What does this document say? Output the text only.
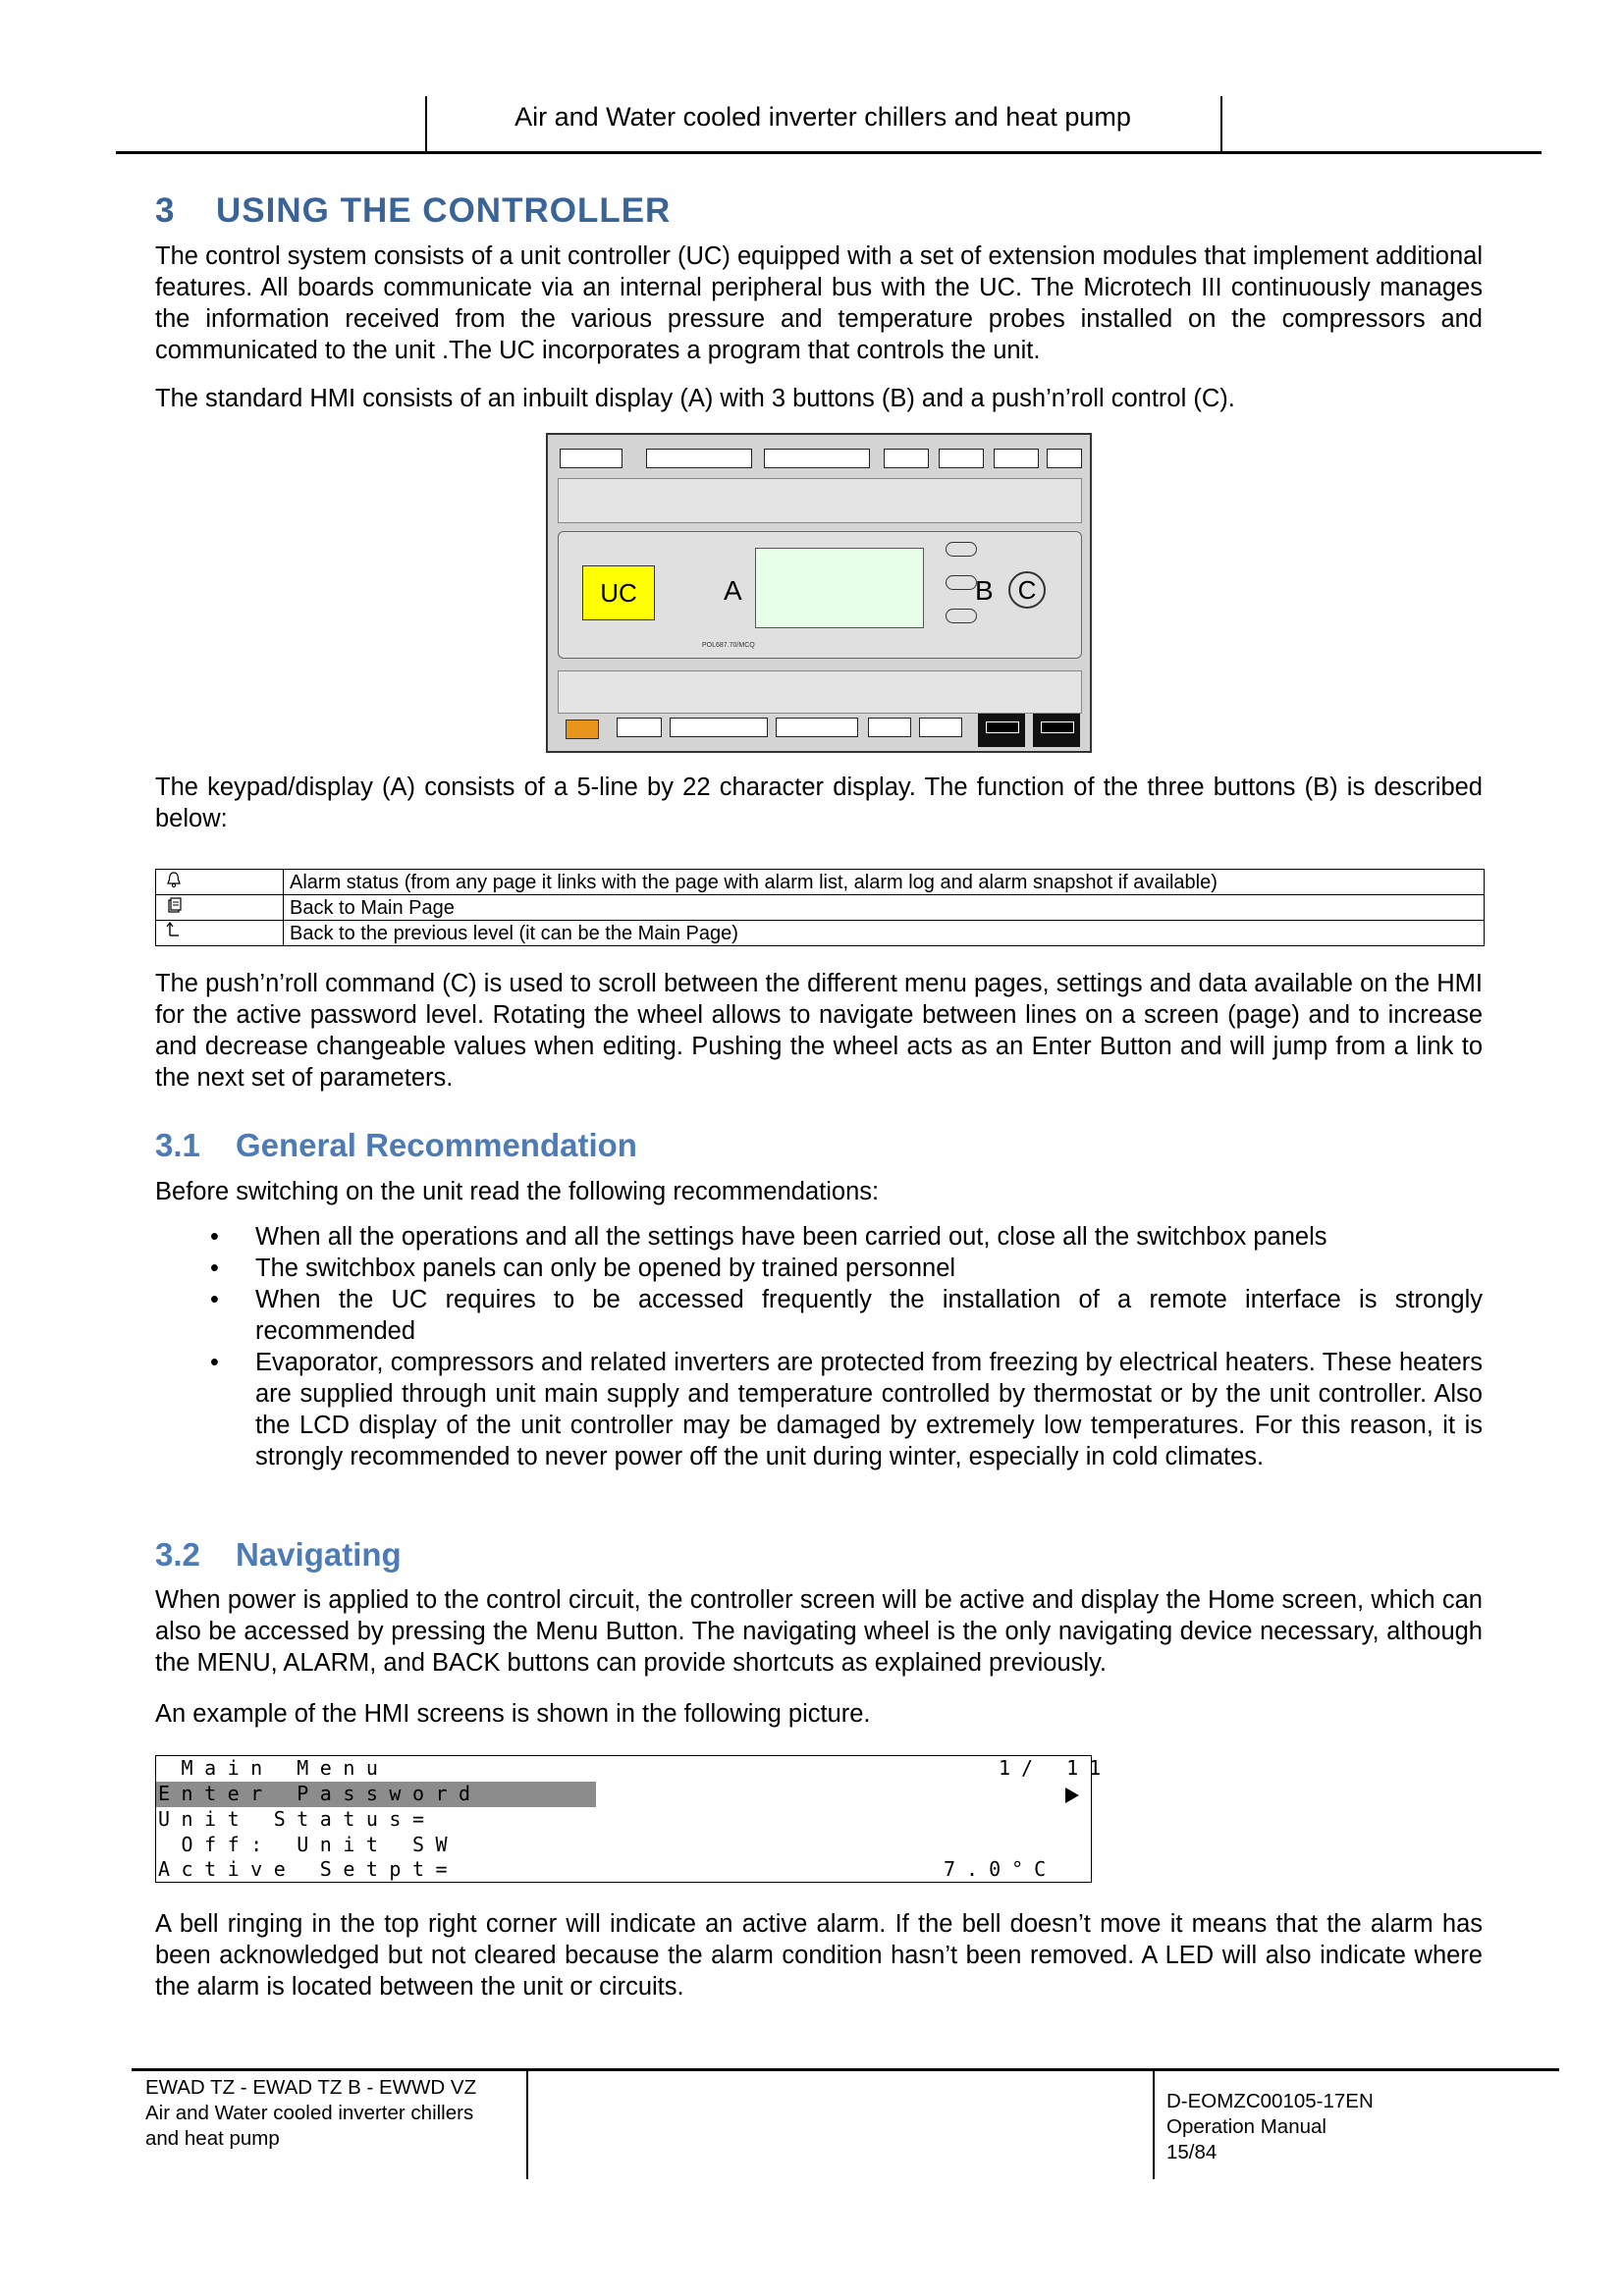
Air and Water cooled inverter chillers and heat pump
3 USING THE CONTROLLER
The control system consists of a unit controller (UC) equipped with a set of extension modules that implement additional features. All boards communicate via an internal peripheral bus with the UC. The Microtech III continuously manages the information received from the various pressure and temperature probes installed on the compressors and communicated to the unit .The UC incorporates a program that controls the unit.
The standard HMI consists of an inbuilt display (A) with 3 buttons (B) and a push’n’roll control (C).
UC	A
POL687.70/MCQ
B C
The keypad/display (A) consists of a 5-line by 22 character display. The function of the three buttons (B) is described below:
	Alarm status (from any page it links with the page with alarm list, alarm log and alarm snapshot if available)
	Back to Main Page
	Back to the previous level (it can be the Main Page)
The push’n’roll command (C) is used to scroll between the different menu pages, settings and data available on the HMI for the active password level. Rotating the wheel allows to navigate between lines on a screen (page) and to increase and decrease changeable values when editing. Pushing the wheel acts as an Enter Button and will jump from a link to the next set of parameters.
3.1 General Recommendation
Before switching on the unit read the following recommendations:
• When all the operations and all the settings have been carried out, close all the switchbox panels
• The switchbox panels can only be opened by trained personnel
• When the UC requires to be accessed frequently the installation of a remote interface is strongly recommended
• Evaporator, compressors and related inverters are protected from freezing by electrical heaters. These heaters are supplied through unit main supply and temperature controlled by thermostat or by the unit controller. Also the LCD display of the unit controller may be damaged by extremely low temperatures. For this reason, it is strongly recommended to never power off the unit during winter, especially in cold climates.
3.2 Navigating
When power is applied to the control circuit, the controller screen will be active and display the Home screen, which can also be accessed by pressing the Menu Button. The navigating wheel is the only navigating device necessary, although the MENU, ALARM, and BACK buttons can provide shortcuts as explained previously.
An example of the HMI screens is shown in the following picture.
Main Menu	1/ 11
Enter Password
Unit Status=
Off: Unit SW
Active Setpt=	7.0°C
A bell ringing in the top right corner will indicate an active alarm. If the bell doesn’t move it means that the alarm has been acknowledged but not cleared because the alarm condition hasn’t been removed. A LED will also indicate where the alarm is located between the unit or circuits.
EWAD TZ - EWAD TZ B - EWWD VZ
Air and Water cooled inverter chillers
and heat pump
D-EOMZC00105-17EN
Operation Manual
15/84
